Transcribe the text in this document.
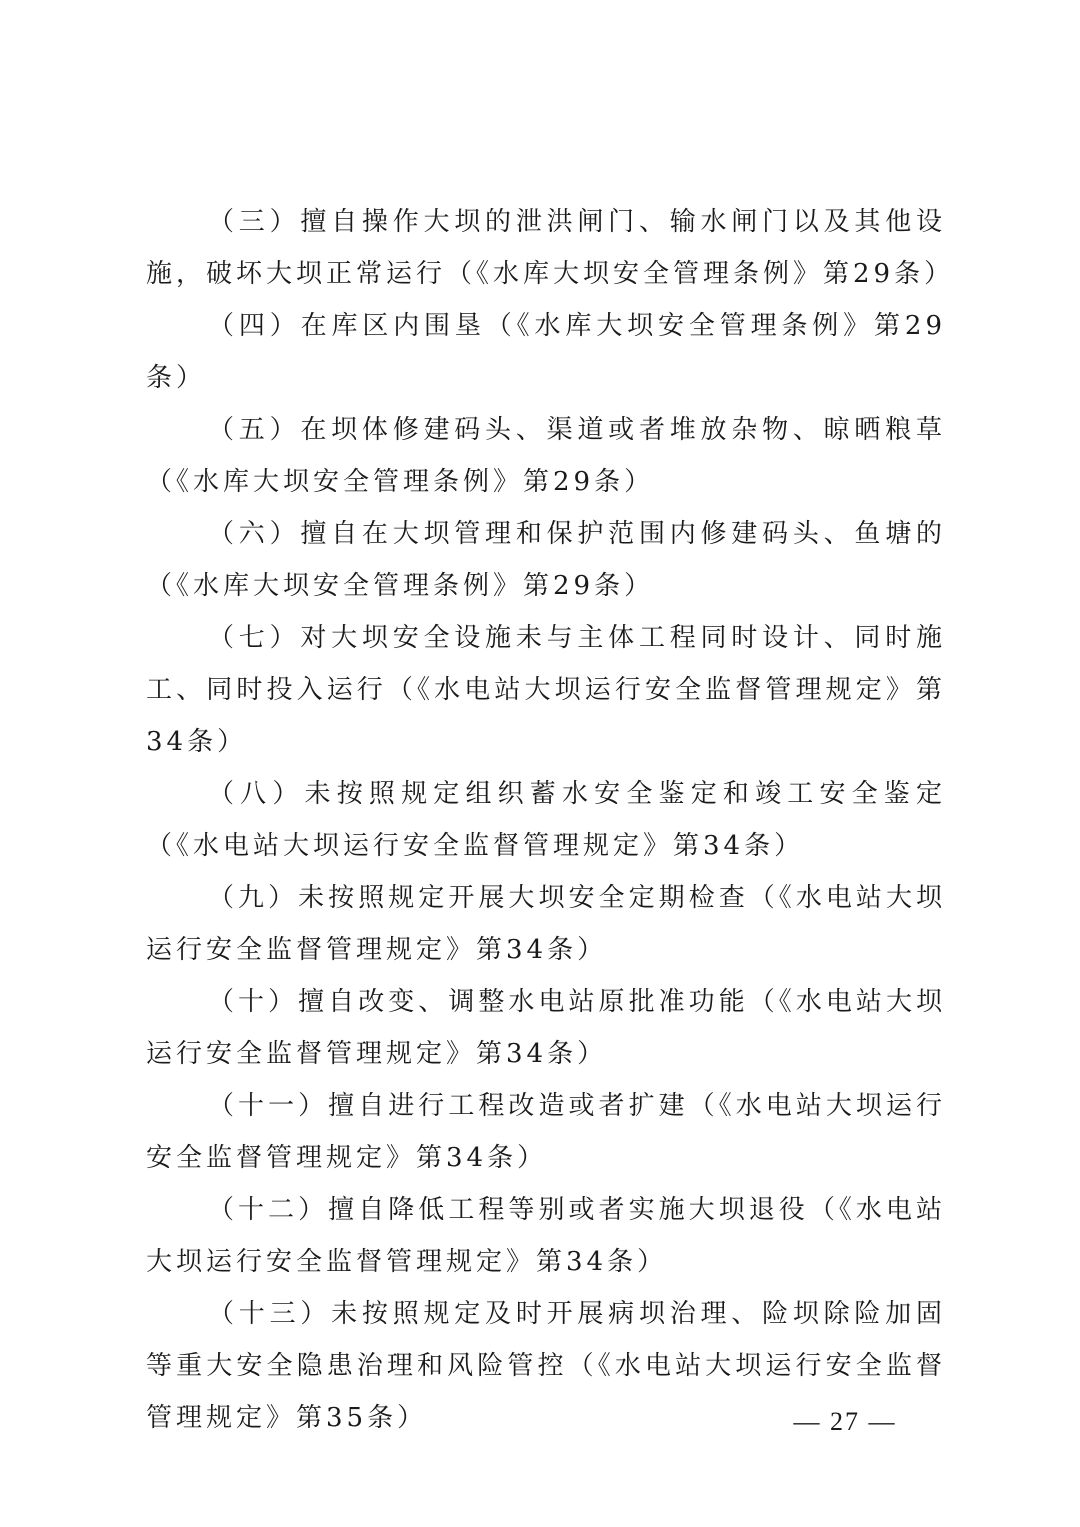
（三）擅自操作大坝的泄洪闸门、输水闸门以及其他设施，破坏大坝正常运行（《水库大坝安全管理条例》第29条）

（四）在库区内围垦（《水库大坝安全管理条例》第29条）

（五）在坝体修建码头、渠道或者堆放杂物、晾晒粮草（《水库大坝安全管理条例》第29条）

（六）擅自在大坝管理和保护范围内修建码头、鱼塘的（《水库大坝安全管理条例》第29条）

（七）对大坝安全设施未与主体工程同时设计、同时施工、同时投入运行（《水电站大坝运行安全监督管理规定》第34条）

（八）未按照规定组织蓄水安全鉴定和竣工安全鉴定（《水电站大坝运行安全监督管理规定》第34条）

（九）未按照规定开展大坝安全定期检查（《水电站大坝运行安全监督管理规定》第34条）

（十）擅自改变、调整水电站原批准功能（《水电站大坝运行安全监督管理规定》第34条）

（十一）擅自进行工程改造或者扩建（《水电站大坝运行安全监督管理规定》第34条）

（十二）擅自降低工程等别或者实施大坝退役（《水电站大坝运行安全监督管理规定》第34条）

（十三）未按照规定及时开展病坝治理、险坝除险加固等重大安全隐患治理和风险管控（《水电站大坝运行安全监督管理规定》第35条）	— 27 —
